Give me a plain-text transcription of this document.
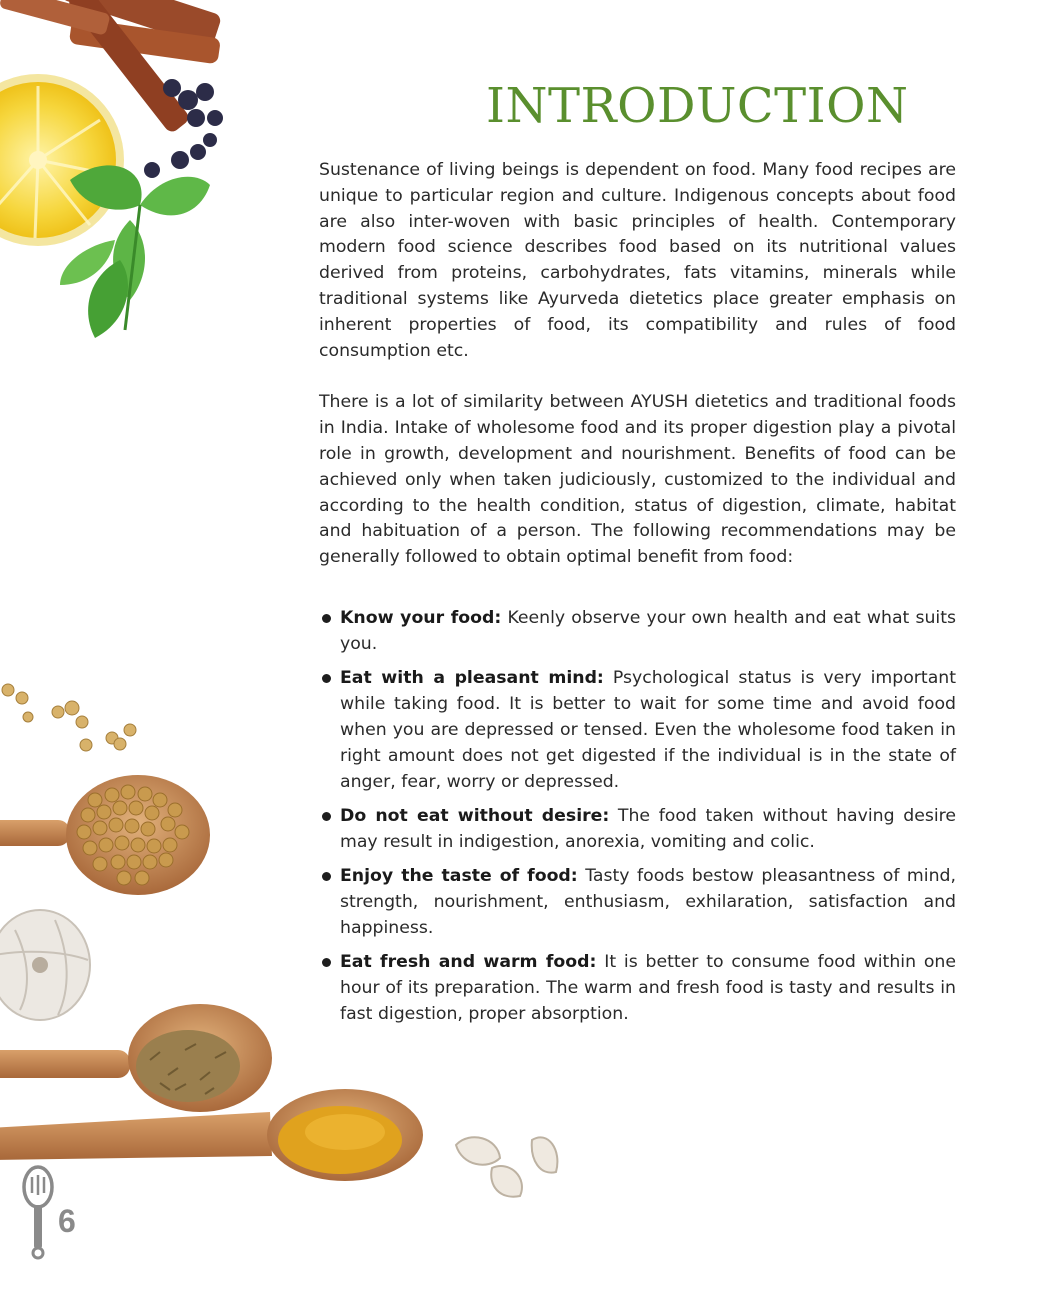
INTRODUCTION

Sustenance of living beings is dependent on food. Many food recipes are unique to particular region and culture. Indigenous concepts about food are also inter-woven with basic principles of health. Contemporary modern food science describes food based on its nutritional values derived from proteins, carbohydrates, fats vitamins, minerals while traditional systems like Ayurveda dietetics place greater emphasis on inherent properties of food, its compatibility and rules of food consumption etc.

There is a lot of similarity between AYUSH dietetics and traditional foods in India. Intake of wholesome food and its proper digestion play a pivotal role in growth, development and nourishment. Benefits of food can be achieved only when taken judiciously, customized to the individual and according to the health condition, status of digestion, climate, habitat and habituation of a person. The following recommendations may be generally followed to obtain optimal benefit from food:

Know your food: Keenly observe your own health and eat what suits you.
Eat with a pleasant mind: Psychological status is very important while taking food. It is better to wait for some time and avoid food when you are depressed or tensed. Even the wholesome food taken in right amount does not get digested if the individual is in the state of anger, fear, worry or depressed.
Do not eat without desire: The food taken without having desire may result in indigestion, anorexia, vomiting and colic.
Enjoy the taste of food: Tasty foods bestow pleasantness of mind, strength, nourishment, enthusiasm, exhilaration, satisfaction and happiness.
Eat fresh and warm food: It is better to consume food within one hour of its preparation. The warm and fresh food is tasty and results in fast digestion, proper absorption.
6
